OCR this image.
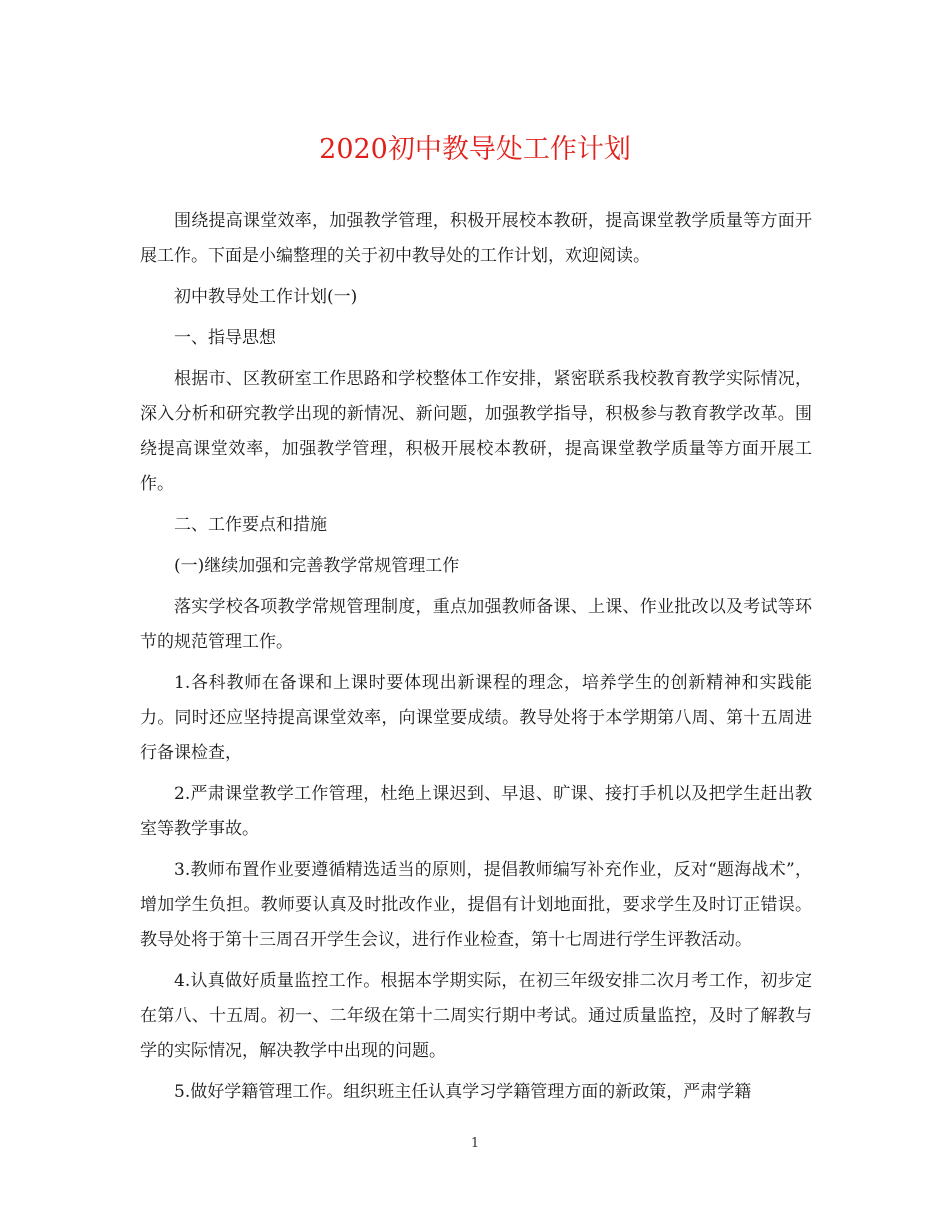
2020初中教导处工作计划

围绕提高课堂效率，加强教学管理，积极开展校本教研，提高课堂教学质量等方面开展工作。下面是小编整理的关于初中教导处的工作计划，欢迎阅读。

初中教导处工作计划(一)

一、指导思想

根据市、区教研室工作思路和学校整体工作安排，紧密联系我校教育教学实际情况，深入分析和研究教学出现的新情况、新问题，加强教学指导，积极参与教育教学改革。围绕提高课堂效率，加强教学管理，积极开展校本教研，提高课堂教学质量等方面开展工作。

二、工作要点和措施

(一)继续加强和完善教学常规管理工作

落实学校各项教学常规管理制度，重点加强教师备课、上课、作业批改以及考试等环节的规范管理工作。

1.各科教师在备课和上课时要体现出新课程的理念，培养学生的创新精神和实践能力。同时还应坚持提高课堂效率，向课堂要成绩。教导处将于本学期第八周、第十五周进行备课检查，

2.严肃课堂教学工作管理，杜绝上课迟到、早退、旷课、接打手机以及把学生赶出教室等教学事故。

3.教师布置作业要遵循精选适当的原则，提倡教师编写补充作业，反对“题海战术”，增加学生负担。教师要认真及时批改作业，提倡有计划地面批，要求学生及时订正错误。教导处将于第十三周召开学生会议，进行作业检查，第十七周进行学生评教活动。

4.认真做好质量监控工作。根据本学期实际，在初三年级安排二次月考工作，初步定在第八、十五周。初一、二年级在第十二周实行期中考试。通过质量监控，及时了解教与学的实际情况，解决教学中出现的问题。

5.做好学籍管理工作。组织班主任认真学习学籍管理方面的新政策，严肃学籍

1
